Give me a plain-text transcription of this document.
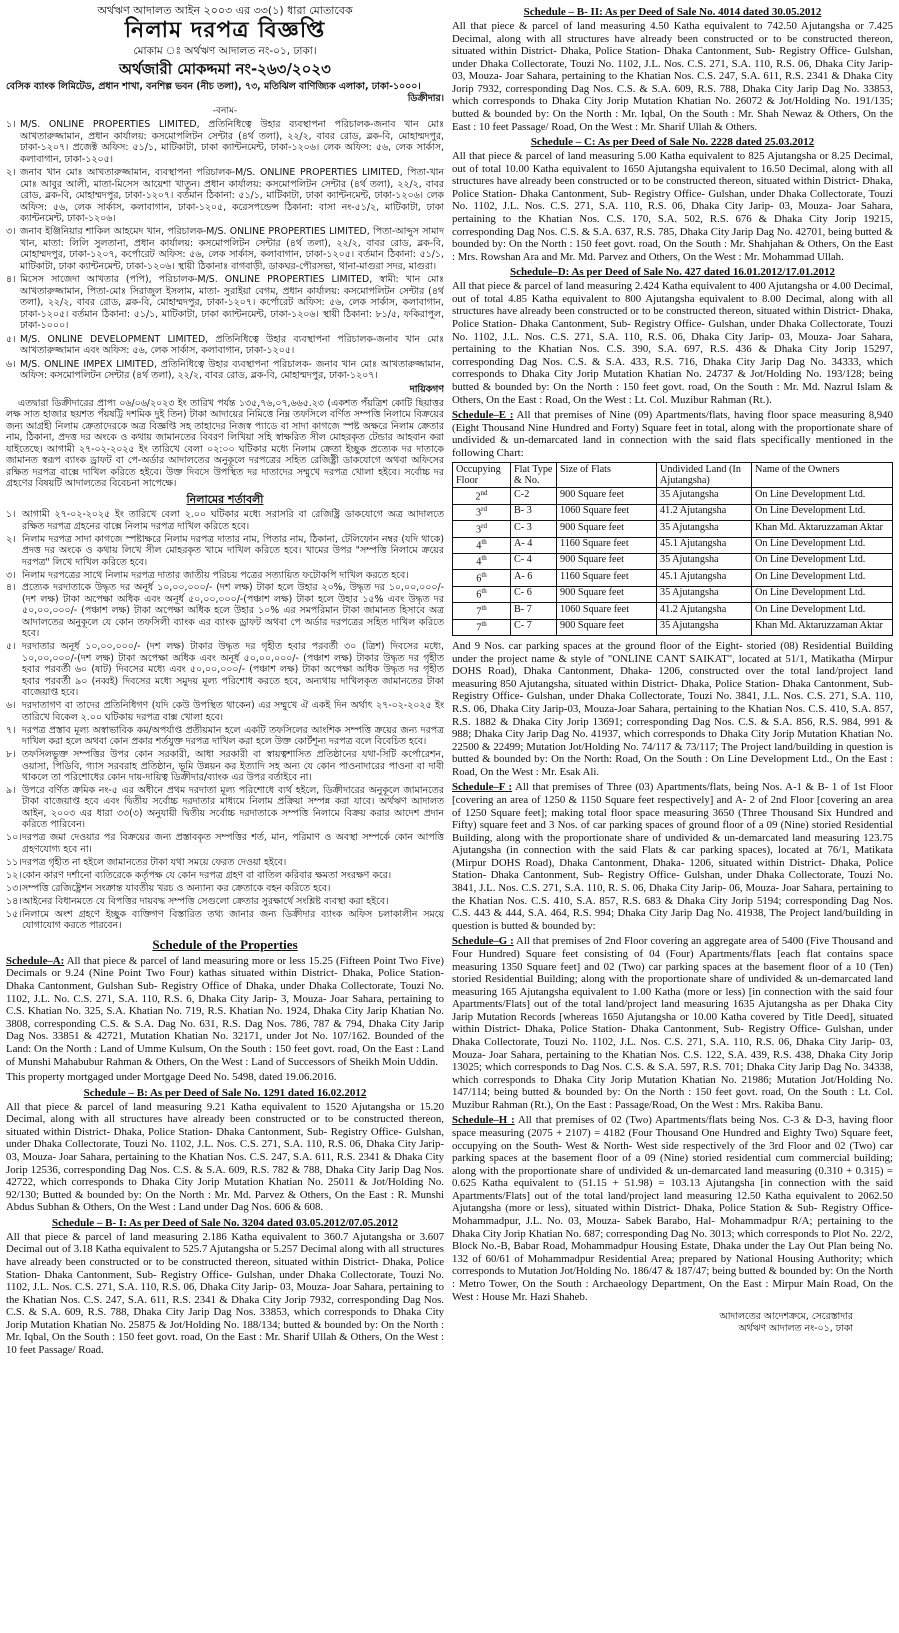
অর্থঋণ আদালত আইন ২০০৩ এর ৩৩(১) ধারা মোতাবেক
নিলাম দরপত্র বিজ্ঞপ্তি
মোকাম ঃ অর্থঋণ আদালত নং-০১, ঢাকা।
অর্থজারী মোকদ্দমা নং-২৬৩/২০২৩
বেসিক ব্যাংক লিমিটেড, প্রধান শাখা, বনশিল্প ভবন (নীচ তলা), ৭৩, মতিঝিল বাণিজ্যিক এলাকা, ঢাকা-১০০০।
ডিক্রীদার।
-বনাম-
১। M/S. ONLINE PROPERTIES LIMITED, প্রতিনিধিত্বে উহার ব্যবস্থাপনা পরিচালক-জনাব খান মোঃ আখতারুজ্জামান, প্রধান কার্যালয়: কসমোপলিটন সেন্টার (৪র্থ তলা), ২২/২, বাবর রোড, ব্লক-বি, মোহাম্মদপুর, ঢাকা-১২০৭। প্রজেক্ট অফিস: ৫১/১, মাটিকাটা, ঢাকা ক্যান্টনমেন্ট, ঢাকা-১২০৬। লেক অফিস: ৫৬, লেক সার্কাস, কলাবাগান, ঢাকা-১২০৫।
২। জনাব খান মোঃ আখতারুজ্জামান, ব্যবস্থাপনা পরিচালক-M/S. ONLINE PROPERTIES LIMITED, পিতা-খান মোঃ আবুর আলী, মাতা-মিসেস আয়েশা খাতুন। প্রধান কার্যালয়: কসমোপলিটন সেন্টার (৪র্থ তলা), ২২/২, বাবর রোড, ব্লক-বি, মোহাম্মদপুর, ঢাকা-১২০৭। বর্তমান ঠিকানা: ৫১/১, মাটিকাটা, ঢাকা ক্যান্টনমেন্ট, ঢাকা-১২০৬। লেক অফিস: ৫৬, লেক সার্কাস, কলাবাগান, ঢাকা-১২০৫, করেসপন্ডেন্স ঠিকানা: বাসা নং-৫১/২, মাটিকাটা, ঢাকা ক্যান্টনমেন্ট, ঢাকা-১২০৬।
৩। জনাব ইঞ্জিনিয়ার শাকিল আহমেদ খান, পরিচালক-M/S. ONLINE PROPERTIES LIMITED, পিতা-আব্দুস সামাদ খান, মাতা: লিলি সুলতানা, প্রধান কার্যালয়: কসমোপলিটন সেন্টার (৪র্থ তলা), ২২/২, বাবর রোড, ব্লক-বি, মোহাম্মদপুর, ঢাকা-১২০৭, কর্পোরেট অফিস: ৫৬, লেক সার্কাস, কলাবাগান, ঢাকা-১২০৫। বর্তমান ঠিকানা: ৫১/১, মাটিকাটা, ঢাকা ক্যান্টনমেন্ট, ঢাকা-১২০৬। স্থায়ী ঠিকানাঃ বাগবাড়ী, ডাকঘর-পৌরসভা, থানা-মাগুরা সদর, মাগুরা।
৪। মিসেস সাজেদা আখতার (পপি), পরিচালক-M/S. ONLINE PROPERTIES LIMITED, স্বামী: খান মোঃ আখতারুজ্জামান, পিতা-মোঃ সিরাজুল ইসলাম, মাতা- সুরাইয়া বেগম, প্রধান কার্যালয়: কসমোপলিটন সেন্টার (৪র্থ তলা), ২২/২, বাবর রোড, ব্লক-বি, মোহাম্মদপুর, ঢাকা-১২০৭। কর্পোরেট অফিস: ৫৬, লেক সার্কাস, কলাবাগান, ঢাকা-১২০৫। বর্তমান ঠিকানা: ৫১/১, মাটিকাটা, ঢাকা ক্যান্টনমেন্ট, ঢাকা-১২০৬। স্থায়ী ঠিকানা: ৮১/৫, ফকিরাপুল, ঢাকা-১০০০।
৫। M/S. ONLINE DEVELOPMENT LIMITED, প্রতিনিধিত্বে উহার ব্যবস্থাপনা পরিচালক-জনাব খান মোঃ আখতারুজ্জামান এবং অফিস: ৫৬, লেক সার্কাস, কলাবাগান, ঢাকা-১২০৫।
৬। M/S. ONLINE IMPEX LIMITED, প্রতিনিধিত্বে উহার ব্যবস্থাপনা পরিচালক- জনাব খান মোঃ আখতারুজ্জামান, অফিস: কসমোপলিটন সেন্টার (৪র্থ তলা), ২২/২, বাবর রোড, ব্লক-বি, মোহাম্মদপুর, ঢাকা-১২০৭।
দায়িকগণ

এতদ্বারা ডিক্রীদারের প্রাপ্য ০৬/০৬/২০২৩ ইং তারিখ পর্যন্ত ১৩৫,৭৬,০৭,৬৬৫.২৩ (একশত পঁয়ত্রিশ কোটি ছিয়াত্তর লক্ষ সাত হাজার ছয়শত পঁয়ষট্টি দশমিক দুই তিন) টাকা আদায়ের নিমিত্তে নিম্ন তফসিলে বর্ণিত সম্পত্তি নিলামে বিক্রয়ের জন্য আগ্রহী নিলাম ক্রেতাদেরকে অত্র বিজ্ঞপ্তি সহ তাহাদের নিজস্ব প্যাডে বা সাদা কাগজে স্পষ্ট অক্ষরে নিলাম ক্রেতার নাম, ঠিকানা, প্রদত্ত দর অংকে ও কথায় জামানতের বিবরণ লিখিয়া সহি স্বাক্ষরিত সীল মোহরকৃত টেন্ডার আহবান করা যাইতেছে। আগামী ২৭-০২-২০২৫ ইং তারিখে বেলা ০২:০০ ঘটিকার মধ্যে নিলাম ক্রেতা ইচ্ছুক প্রত্যেক দর দাতাকে জামানত স্বরূপ ব্যাংক ড্রাফট বা পে-অর্ডার আদালতের অনুকূলে দরপত্রের সহিত রেজিষ্ট্রী ডাকযোগে অথবা অফিসের রক্ষিত দরপত্র বাক্সে দাখিল করিতে হইবে। উক্ত দিবসে উপস্থিত দর দাতাদের সম্মুখে দরপত্র খোলা হইবে। সর্বোচ্চ দর গ্রহণের বিষয়টি আদালতের বিবেচনা সাপেক্ষে।

নিলামের শর্তাবলী
১। আগামী ২৭-০২-২০২৫ ইং তারিখে বেলা ২.০০ ঘটিকার মধ্যে সরাসরি বা রেজিষ্ট্রি ডাকযোগে অত্র আদালতে রক্ষিত দরপত্র গ্রহনের বাক্সে নিলাম দরপত্র দাখিল করিতে হবে।
২। নিলাম দরপত্র সাদা কাগজে স্পষ্টাক্ষরে নিলাম দরপত্র দাতার নাম, পিতার নাম, ঠিকানা, টেলিফোন নম্বর (যদি থাকে) প্রদত্ত দর অংকে ও কথায় লিখে সীল মোহরকৃত খামে দাখিল করিতে হবে। খামের উপর "সম্পত্তি নিলামে ক্রয়ের দরপত্র" লিখে দাখিল করিতে হবে।
৩। নিলাম দরপত্রের সাথে নিলাম দরপত্র দাতার জাতীয় পরিচয় পত্রের সত্যায়িত ফটোকপি দাখিল করতে হবে।
৪। প্রত্যেক দরদাতাকে উদ্ধৃত দর অনূর্ধ ১০,০০,০০০/- (দশ লক্ষ) টাকা হলে উহার ২০%, উদ্ধৃত দর ১০,০০,০০০/- (দশ লক্ষ) টাকা অপেক্ষা অধিক এবং অনূর্ধ ৫০,০০,০০০/-(পঞ্চাশ লক্ষ) টাকা হলে উহার ১৫% এবং উদ্ধৃত দর ৫০,০০,০০০/- (পঞ্চাশ লক্ষ) টাকা অপেক্ষা অধিক হলে উহার ১০% এর সমপরিমান টাকা জামানত হিসাবে অত্র আদালতের অনুকূলে যে কোন তফসিলী ব্যাংক এর ব্যাংক ড্রাফট অথবা পে অর্ডার দরপত্রের সহিত দাখিল করিতে হবে।
৫। দরদাতার অনূর্ধ ১০,০০,০০০/- (দশ লক্ষ) টাকার উদ্ধৃত দর গৃহীত হবার পরবর্তী ৩০ (ত্রিশ) দিবসের মধ্যে, ১০,০০,০০০/-(দশ লক্ষ) টাকা অপেক্ষা অধিক এবং অনূর্ধ ৫০,০০,০০০/- (পঞ্চাশ লক্ষ) টাকার উদ্ধৃত দর গৃহীত হবার পরবর্তী ৬০ (ষাট) দিবসের মধ্যে এবং ৫০,০০,০০০/- (পঞ্চাশ লক্ষ) টাকা অপেক্ষা অধিক উদ্ধৃত দর গৃহীত হবার পরবর্তী ৯০ (নব্বই) দিবসের মধ্যে সমুদয় মূল্য পরিশোধ করতে হবে, অন্যথায় দাখিলকৃত জামানতের টাকা বাজেয়াপ্ত হবে।
৬। দরদাতাগণ বা তাদের প্রতিনিধিগণ (যদি কেউ উপস্থিত থাকেন) এর সম্মুখে ঐ একই দিন অর্থাৎ ২৭-০২-২০২৫ ইং তারিখে বিকেল ২.০০ ঘটিকায় দরপত্র বাক্স খোলা হবে।
৭। দরপত্র প্রস্তাব মূল্য অস্বাভাবিক কম/অপর্যাপ্ত প্রতীয়মান হলে একটি তফসিলের আংশিক সম্পত্তি ক্রয়ের জন্য দরপত্র দাখিল করা হলে অথবা কোন প্রকার শর্তযুক্ত দরপত্র দাখিল করা হলে উক্ত কোর্টশূন্য দরপত্র বলে বিবেচিত হবে।
৮। তফসিলভুক্ত সম্পত্তির উপর কোন সরকারী, আধা সরকারী বা স্বায়ত্বশাসিত প্রতিষ্ঠানের যথা-সিটি কর্পোরেশন, ওয়াসা, পিডিবি, গ্যাস সরবরাহ প্রতিষ্ঠান, ভূমি উন্নয়ন কর ইত্যাদি সহ অন্য যে কোন পাওনাদারের পাওনা বা দাবী থাকলে তা পরিশোধের কোন দায়-দায়িত্ব ডিক্রীদার/ব্যাংক এর উপর বর্তাইবে না।
৯। উপরে বর্ণিত ক্রমিক নং-৫ এর অধীনে প্রথম দরদাতা মূল্য পরিশোধে ব্যর্থ হইলে, ডিক্রীদারের অনুকূলে জামানতের টাকা বাজেয়াপ্ত হবে এবং দ্বিতীয় সর্বোচ্চ দরদাতার মাধ্যমে নিলাম প্রক্রিয়া সম্পন্ন করা যাবে। অর্থঋণ আদালত আইন, ২০০৩ এর ধারা ৩৩(৩) অনুযায়ী দ্বিতীয় সর্বোচ্চ দরদাতাকে সম্পত্তি নিলামে বিক্রয় করার আদেশ প্রদান করিতে পারিবেন।
১০। দরপত্র জমা দেওয়ার পর বিক্রয়ের জন্য প্রস্তাবকৃত সম্পত্তির শর্ত, মান, পরিমাণ ও অবস্থা সম্পর্কে কোন আপত্তি গ্রহণযোগ্য হবে না।
১১। দরপত্র গৃহীত না হইলে জামানতের টাকা যথা সময়ে ফেরত দেওয়া হইবে।
১২। কোন কারণ দর্শানো ব্যতিরেকে কর্তৃপক্ষ যে কোন দরপত্র গ্রহণ বা বাতিল করিবার ক্ষমতা সংরক্ষণ করে।
১৩। সম্পত্তি রেজিষ্ট্রেশন সংক্রান্ত যাবতীয় খরচ ও অন্যান্য কর ক্রেতাকে বহন করিতে হবে।
১৪। আইনের বিধানমতে যে বিপত্তির দায়বদ্ধ সম্পত্তি সেগুলো ক্রেতার সুরক্ষার্থে সংশ্লিষ্ট ব্যবস্থা করা হইবে।
১৫। নিলামে অংশ গ্রহণে ইচ্ছুক ব্যক্তিগণ বিস্তারিত তথ্য জানার জন্য ডিক্রীদার ব্যাংক অফিস চলাকালীন সময়ে যোগাযোগ করতে পারবেন।
Schedule of the Properties

Schedule–A: All that piece & parcel of land measuring more or less 15.25 (Fifteen Point Two Five) Decimals or 9.24 (Nine Point Two Four) kathas situated within District- Dhaka, Police Station- Dhaka Cantonment, Gulshan Sub- Registry Office of Dhaka, under Dhaka Collectorate, Touzi No. 1102, J.L. No. C.S. 271, S.A. 110, R.S. 6, Dhaka City Jarip- 3, Mouza- Joar Sahara, pertaining to C.S. Khatian No. 325, S.A. Khatian No. 719, R.S. Khatian No. 1924, Dhaka City Jarip Khatian No. 3808, corresponding C.S. & S.A. Dag No. 631, R.S. Dag Nos. 786, 787 & 794, Dhaka City Jarip Dag Nos. 33851 & 42721, Mutation Khatian No. 32171, under Jot No. 107/162. Bounded of the Land: On the North : Land of Umme Kulsum, On the South : 150 feet govt. road, On the East : Land of Munshi Mahabubur Rahman & Others, On the West : Land of Successors of Sheikh Moin Uddin.

This property mortgaged under Mortgage Deed No. 5498, dated 19.06.2016.

Schedule – B: As per Deed of Sale No. 1291 dated 16.02.2012

All that piece & parcel of land measuring 9.21 Katha equivalent to 1520 Ajutangsha or 15.20 Decimal, along with all structures have already been constructed or to be constructed thereon, situated within District- Dhaka, Police Station- Dhaka Cantonment, Sub- Registry Office- Gulshan, under Dhaka Collectorate, Touzi No. 1102, J.L. Nos. C.S. 271, S.A. 110, R.S. 06, Dhaka City Jarip- 03, Mouza- Joar Sahara, pertaining to the Khatian Nos. C.S. 247, S.A. 611, R.S. 2341 & Dhaka City Jorip 12536, corresponding Dag Nos. C.S. & S.A. 609, R.S. 782 & 788, Dhaka City Jarip Dag Nos. 42722, which corresponds to Dhaka City Jorip Mutation Khatian No. 25011 & Jot/Holding No. 92/130; Butted & bounded by: On the North : Mr. Md. Parvez & Others, On the East : R. Munshi Abdus Subhan & Others, On the West : Land under Dag Nos. 606 & 608.

Schedule – B- I: As per Deed of Sale No. 3204 dated 03.05.2012/07.05.2012

All that piece & parcel of land measuring 2.186 Katha equivalent to 360.7 Ajutangsha or 3.607 Decimal out of 3.18 Katha equivalent to 525.7 Ajutangsha or 5.257 Decimal along with all structures have already been constructed or to be constructed thereon, situated within District- Dhaka, Police Station- Dhaka Cantonment, Sub- Registry Office- Gulshan, under Dhaka Collectorate, Touzi No. 1102, J.L. Nos. C.S. 271, S.A. 110, R.S. 06, Dhaka City Jarip- 03, Mouza- Joar Sahara, pertaining to the Khatian Nos. C.S. 247, S.A. 611, R.S. 2341 & Dhaka City Jorip 7932, corresponding Dag Nos. C.S. & S.A. 609, R.S. 788, Dhaka City Jarip Dag Nos. 33853, which corresponds to Dhaka City Jorip Mutation Khatian No. 25875 & Jot/Holding No. 188/134; butted & bounded by: On the North : Mr. Iqbal, On the South : 150 feet govt. road, On the East : Mr. Sharif Ullah & Others, On the West : 10 feet Passage/ Road.

Schedule – B- II: As per Deed of Sale No. 4014 dated 30.05.2012

All that piece & parcel of land measuring 4.50 Katha equivalent to 742.50 Ajutangsha or 7.425 Decimal, along with all structures have already been constructed or to be constructed thereon, situated within District- Dhaka, Police Station- Dhaka Cantonment, Sub- Registry Office- Gulshan, under Dhaka Collectorate, Touzi No. 1102, J.L. Nos. C.S. 271, S.A. 110, R.S. 06, Dhaka City Jarip- 03, Mouza- Joar Sahara, pertaining to the Khatian Nos. C.S. 247, S.A. 611, R.S. 2341 & Dhaka City Jorip 7932, corresponding Dag Nos. C.S. & S.A. 609, R.S. 788, Dhaka City Jarip Dag No. 33853, which corresponds to Dhaka City Jorip Mutation Khatian No. 26072 & Jot/Holding No. 191/135; butted & bounded by: On the North : Mr. Iqbal, On the South : Mr. Shah Newaz & Others, On the East : 10 feet Passage/ Road, On the West : Mr. Sharif Ullah & Others.

Schedule – C: As per Deed of Sale No. 2228 dated 25.03.2012

All that piece & parcel of land measuring 5.00 Katha equivalent to 825 Ajutangsha or 8.25 Decimal, out of total 10.00 Katha equivalent to 1650 Ajutangsha equivalent to 16.50 Decimal, along with all structures have already been constructed or to be constructed thereon, situated within District- Dhaka, Police Station- Dhaka Cantonment, Sub- Registry Office- Gulshan, under Dhaka Collectorate, Touzi No. 1102, J.L. Nos. C.S. 271, S.A. 110, R.S. 06, Dhaka City Jarip- 03, Mouza- Joar Sahara, pertaining to the Khatian Nos. C.S. 170, S.A. 502, R.S. 676 & Dhaka City Jorip 19215, corresponding Dag Nos. C.S. & S.A. 637, R.S. 785, Dhaka City Jarip Dag No. 42701, being butted & bounded by: On the North : 150 feet govt. road, On the South : Mr. Shahjahan & Others, On the East : Mrs. Rowshan Ara and Mr. Md. Parvez and Others, On the West : Mr. Mohammad Ullah.

Schedule–D: As per Deed of Sale No. 427 dated 16.01.2012/17.01.2012

All that piece & parcel of land measuring 2.424 Katha equivalent to 400 Ajutangsha or 4.00 Decimal, out of total 4.85 Katha equivalent to 800 Ajutangsha equivalent to 8.00 Decimal, along with all structures have already been constructed or to be constructed thereon, situated within District- Dhaka, Police Station- Dhaka Cantonment, Sub- Registry Office- Gulshan, under Dhaka Collectorate, Touzi No. 1102, J.L. Nos. C.S. 271, S.A. 110, R.S. 06, Dhaka City Jarip- 03, Mouza- Joar Sahara, pertaining to the Khatian Nos. C.S. 390, S.A. 697, R.S. 436 & Dhaka City Jorip 15297, corresponding Dag Nos. C.S. & S.A. 433, R.S. 716, Dhaka City Jarip Dag No. 34333, which corresponds to Dhaka City Jorip Mutation Khatian No. 24737 & Jot/Holding No. 193/128; being butted & bounded by: On the North : 150 feet govt. road, On the South : Mr. Md. Nazrul Islam & Others, On the East : Road, On the West : Lt. Col. Muzibur Rahman (Rt.).

Schedule–E : All that premises of Nine (09) Apartments/flats, having floor space measuring 8,940 (Eight Thousand Nine Hundred and Forty) Square feet in total, along with the proportionate share of undivided & un-demarcated land in connection with the said flats specifically mentioned in the following Chart:

Occupying Floor	Flat Type & No.	Size of Flats	Undivided Land (In Ajutangsha)	Name of the Owners
2nd	C-2	900 Square feet	35 Ajutangsha	On Line Development Ltd.
3rd	B- 3	1060 Square feet	41.2 Ajutangsha	On Line Development Ltd.
3rd	C- 3	900 Square feet	35 Ajutangsha	Khan Md. Aktaruzzaman Aktar
4th	A- 4	1160 Square feet	45.1 Ajutangsha	On Line Development Ltd.
4th	C- 4	900 Square feet	35 Ajutangsha	On Line Development Ltd.
6th	A- 6	1160 Square feet	45.1 Ajutangsha	On Line Development Ltd.
6th	C- 6	900 Square feet	35 Ajutangsha	On Line Development Ltd.
7th	B- 7	1060 Square feet	41.2 Ajutangsha	On Line Development Ltd.
7th	C- 7	900 Square feet	35 Ajutangsha	Khan Md. Aktaruzzaman Aktar

And 9 Nos. car parking spaces at the ground floor of the Eight- storied (08) Residential Building under the project name & style of "ONLINE CANT SAIKAT", located at 51/1, Matikatha (Mirpur DOHS Road), Dhaka Cantonment, Dhaka- 1206, constructed over the total land/project land measuring 850 Ajutangsha, situated within District- Dhaka, Police Station- Dhaka Cantonment, Sub- Registry Office- Gulshan, under Dhaka Collectorate, Touzi No. 3841, J.L. Nos. C.S. 271, S.A. 110, R.S. 06, Dhaka City Jarip-03, Mouza-Joar Sahara, pertaining to the Khatian Nos. C.S. 410, S.A. 857, R.S. 1882 & Dhaka City Jorip 13691; corresponding Dag Nos. C.S. & S.A. 856, R.S. 984, 991 & 988; Dhaka City Jarip Dag No. 41937, which corresponds to Dhaka City Jorip Mutation Khatian No. 22500 & 22499; Mutation Jot/Holding No. 74/117 & 73/117; The Project land/building in question is butted & bounded by: On the North: Road, On the South : On Line Development Ltd., On the East : Road, On the West : Mr. Esak Ali.

Schedule–F : All that premises of Three (03) Apartments/flats, being Nos. A-1 & B- 1 of 1st Floor [covering an area of 1250 & 1150 Square feet respectively] and A- 2 of 2nd Floor [covering an area of 1250 Square feet]; making total floor space measuring 3650 (Three Thousand Six Hundred and Fifty) square feet and 3 Nos. of car parking spaces of ground floor of a 09 (Nine) storied Residential Building, along with the proportionate share of undivided & un-demarcated land measuring 123.75 Ajutangsha (in connection with the said Flats & car parking spaces), located at 76/1, Matikata (Mirpur DOHS Road), Dhaka Cantonment, Dhaka- 1206, situated within District- Dhaka, Police Station- Dhaka Cantonment, Sub- Registry Office- Gulshan, under Dhaka Collectorate, Touzi No. 3841, J.L. Nos. C.S. 271, S.A. 110, R. S. 06, Dhaka City Jarip- 06, Mouza- Joar Sahara, pertaining to the Khatian Nos. C.S. 410, S.A. 857, R.S. 683 & Dhaka City Jorip 5194; corresponding Dag Nos. C.S. 443 & 444, S.A. 464, R.S. 994; Dhaka City Jarip Dag No. 41938, The Project land/building in question is butted & bounded by:

Schedule–G : All that premises of 2nd Floor covering an aggregate area of 5400 (Five Thousand and Four Hundred) Square feet consisting of 04 (Four) Apartments/flats [each flat contains space measuring 1350 Square feet] and 02 (Two) car parking spaces at the basement floor of a 10 (Ten) storied Residential Building; along with the proportionate share of undivided & un-demarcated land measuring 165 Ajutangsha equivalent to 1.00 Katha (more or less) [in connection with the said four Apartments/Flats] out of the total land/project land measuring 1635 Ajutangsha as per Dhaka City Jarip Mutation Records [whereas 1650 Ajutangsha or 10.00 Katha covered by Title Deed], situated within District- Dhaka, Police Station- Dhaka Cantonment, Sub- Registry Office- Gulshan, under Dhaka Collectorate, Touzi No. 1102, J.L. Nos. C.S. 271, S.A. 110, R.S. 06, Dhaka City Jarip- 03, Mouza- Joar Sahara, pertaining to the Khatian Nos. C.S. 122, S.A. 439, R.S. 438, Dhaka City Jorip 13025; which corresponds to Dag Nos. C.S. & S.A. 597, R.S. 701; Dhaka City Jarip Dag No. 34338, which corresponds to Dhaka City Jorip Mutation Khatian No. 21986; Mutation Jot/Holding No. 147/114; being butted & bounded by: On the North : 150 feet govt. road, On the South : Lt. Col. Muzibur Rahman (Rt.), On the East : Passage/Road, On the West : Mrs. Rakiba Banu.

Schedule–H : All that premises of 02 (Two) Apartments/flats being Nos. C-3 & D-3, having floor space measuring (2075 + 2107) = 4182 (Four Thousand One Hundred and Eighty Two) Square feet, occupying on the South- West & North- West side respectively of the 3rd Floor and 02 (Two) car parking spaces at the basement floor of a 09 (Nine) storied residential cum commercial building; along with the proportionate share of undivided & un-demarcated land measuring (0.310 + 0.315) = 0.625 Katha equivalent to (51.15 + 51.98) = 103.13 Ajutangsha [in connection with the said Apartments/Flats] out of the total land/project land measuring 12.50 Katha equivalent to 2062.50 Ajutangsha (more or less), situated within District- Dhaka, Police Station & Sub- Registry Office- Mohammadpur, J.L. No. 03, Mouza- Sabek Barabo, Hal- Mohammadpur R/A; pertaining to the Dhaka City Jorip Khatian No. 687; corresponding Dag No. 3013; which corresponds to Plot No. 22/2, Block No.-B, Babar Road, Mohammadpur Housing Estate, Dhaka under the Lay Out Plan being No. 132 of 60/61 of Mohammadpur Residential Area; prepared by National Housing Authority; which corresponds to Mutation Jot/Holding No. 186/47 & 187/47; being butted & bounded by: On the North : Metro Tower, On the South : Archaeology Department, On the East : Mirpur Main Road, On the West : House Mr. Hazi Shaheb.

আদালতের আদেশক্রমে, সেরেস্তাদার
অর্থঋণ আদালত নং-০১, ঢাকা
